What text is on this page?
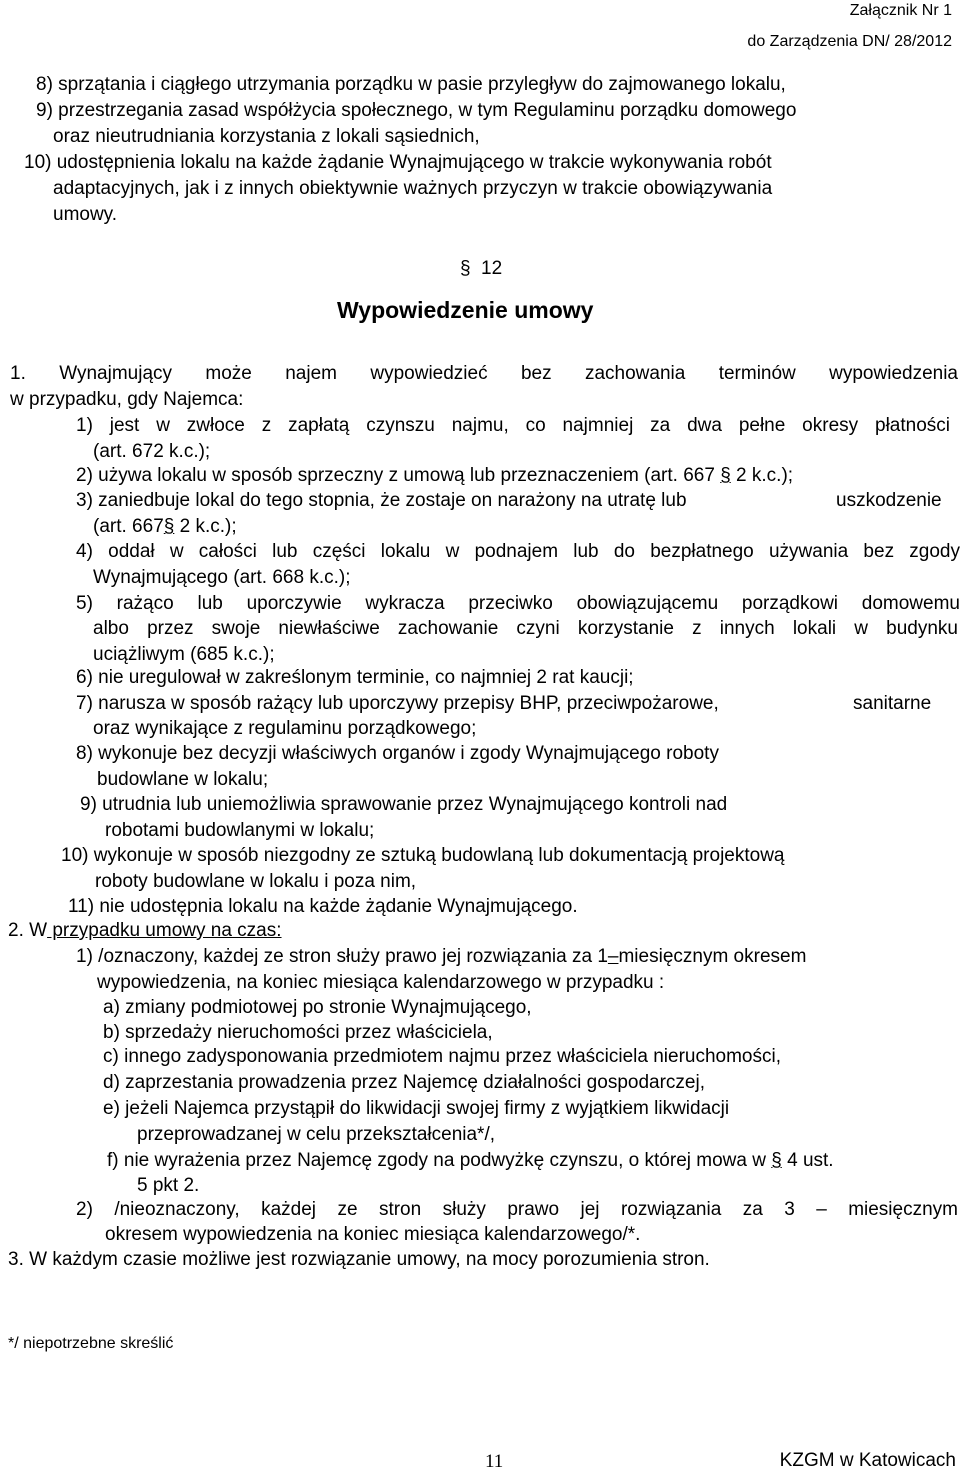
Załącznik Nr 1
do Zarządzenia DN/ 28/2012
8) sprzątania i ciągłego utrzymania porządku w pasie przyległyw do zajmowanego lokalu,
9) przestrzegania zasad współżycia społecznego, w tym Regulaminu porządku domowego
oraz nieutrudniania korzystania z lokali sąsiednich,
10) udostępnienia lokalu na każde żądanie Wynajmującego w trakcie wykonywania robót
adaptacyjnych, jak i z innych obiektywnie ważnych przyczyn w trakcie obowiązywania
umowy.
§ 12
Wypowiedzenie umowy
1. Wynajmujący może najem wypowiedzieć bez zachowania terminów wypowiedzenia
w przypadku, gdy Najemca:
1) jest w zwłoce z zapłatą czynszu najmu, co najmniej za dwa pełne okresy płatności
(art. 672 k.c.);
2) używa lokalu w sposób sprzeczny z umową lub przeznaczeniem (art. 667 § 2 k.c.);
3) zaniedbuje lokal do tego stopnia, że zostaje on narażony na utratę lub	uszkodzenie
(art. 667§ 2 k.c.);
4) oddał w całości lub części lokalu w podnajem lub do bezpłatnego używania bez zgody
Wynajmującego (art. 668 k.c.);
5) rażąco lub uporczywie wykracza przeciwko obowiązującemu porządkowi domowemu
albo przez swoje niewłaściwe zachowanie czyni korzystanie z innych lokali w budynku
uciążliwym (685 k.c.);
6) nie uregulował w zakreślonym terminie, co najmniej 2 rat kaucji;
7) narusza w sposób rażący lub uporczywy przepisy BHP, przeciwpożarowe,	sanitarne
oraz wynikające z regulaminu porządkowego;
8) wykonuje bez decyzji właściwych organów i zgody Wynajmującego roboty
budowlane w lokalu;
9) utrudnia lub uniemożliwia sprawowanie przez Wynajmującego kontroli nad
robotami budowlanymi w lokalu;
10) wykonuje w sposób niezgodny ze sztuką budowlaną lub dokumentacją projektową
roboty budowlane w lokalu i poza nim,
11) nie udostępnia lokalu na każde żądanie Wynajmującego.
2. W przypadku umowy na czas:
1) /oznaczony, każdej ze stron służy prawo jej rozwiązania za 1–miesięcznym okresem
wypowiedzenia, na koniec miesiąca kalendarzowego w przypadku :
a) zmiany podmiotowej po stronie Wynajmującego,
b) sprzedaży nieruchomości przez właściciela,
c) innego zadysponowania przedmiotem najmu przez właściciela nieruchomości,
d) zaprzestania prowadzenia przez Najemcę działalności gospodarczej,
e) jeżeli Najemca przystąpił do likwidacji swojej firmy z wyjątkiem likwidacji
przeprowadzanej w celu przekształcenia*/,
f) nie wyrażenia przez Najemcę zgody na podwyżkę czynszu, o której mowa w § 4 ust.
5 pkt 2.
2) /nieoznaczony, każdej ze stron służy prawo jej rozwiązania za 3 – miesięcznym
okresem wypowiedzenia na koniec miesiąca kalendarzowego/*.
3. W każdym czasie możliwe jest rozwiązanie umowy, na mocy porozumienia stron.
*/ niepotrzebne skreślić
11	KZGM w Katowicach
